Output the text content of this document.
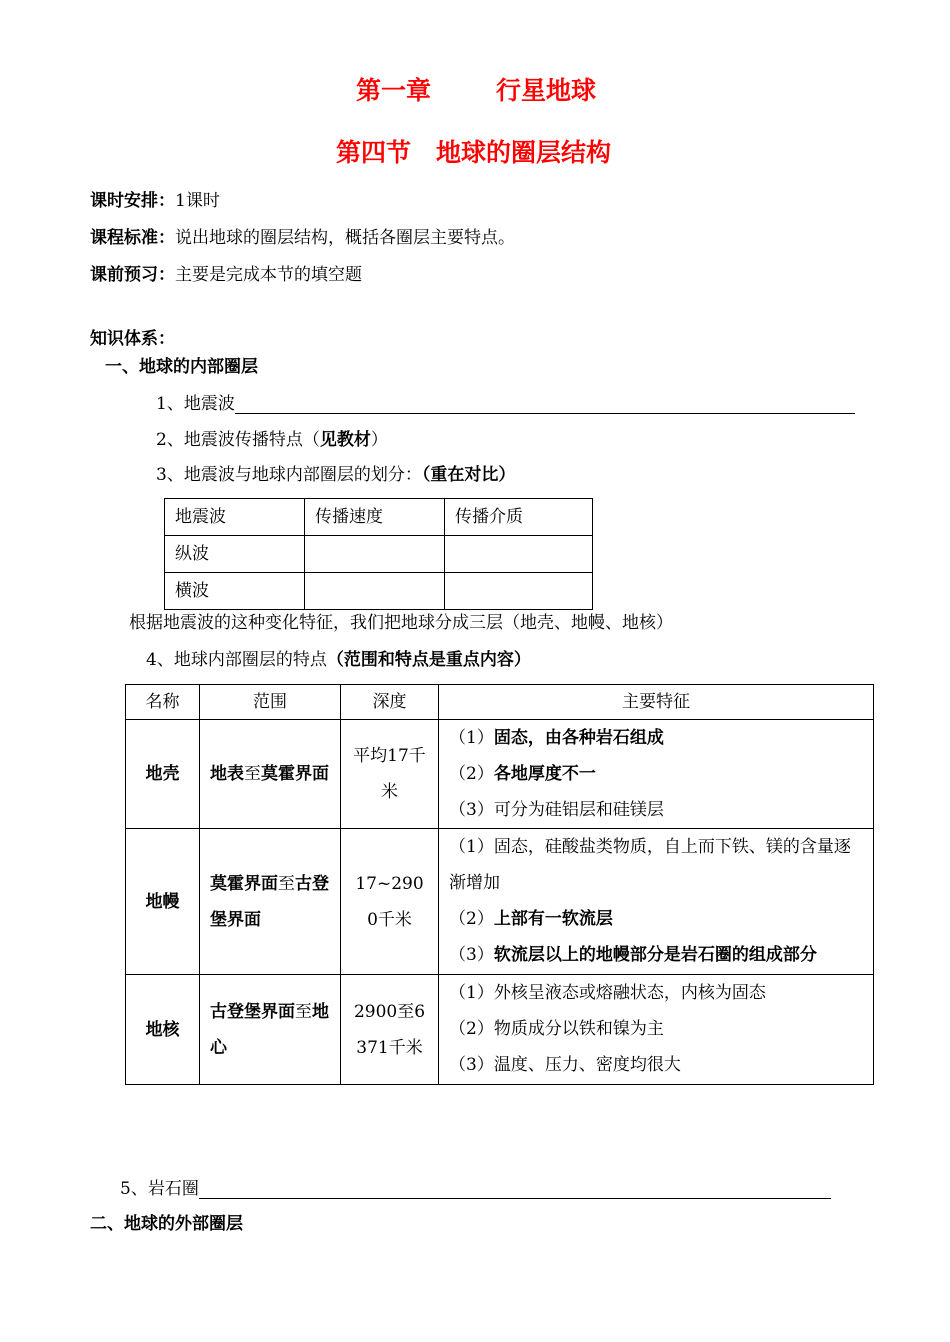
第一章	行星地球
第四节　地球的圈层结构
课时安排：1课时
课程标准：说出地球的圈层结构，概括各圈层主要特点。
课前预习：主要是完成本节的填空题
知识体系：
一、地球的内部圈层
1、地震波
2、地震波传播特点（见教材）
3、地震波与地球内部圈层的划分：（重在对比）
地震波	传播速度	传播介质
纵波		
横波		
根据地震波的这种变化特征，我们把地球分成三层（地壳、地幔、地核）
4、地球内部圈层的特点（范围和特点是重点内容）
名称	范围	深度	主要特征
地壳	地表至莫霍界面	平均17千米	（1）固态，由各种岩石组成
（2）各地厚度不一
（3）可分为硅铝层和硅镁层

地幔	莫霍界面至古登堡界面	17~2900千米	（1）固态，硅酸盐类物质，自上而下铁、镁的含量逐渐增加
（2）上部有一软流层
（3）软流层以上的地幔部分是岩石圈的组成部分

地核	古登堡界面至地心	2900至6371千米	（1）外核呈液态或熔融状态，内核为固态
（2）物质成分以铁和镍为主
（3）温度、压力、密度均很大
5、岩石圈
二、地球的外部圈层
